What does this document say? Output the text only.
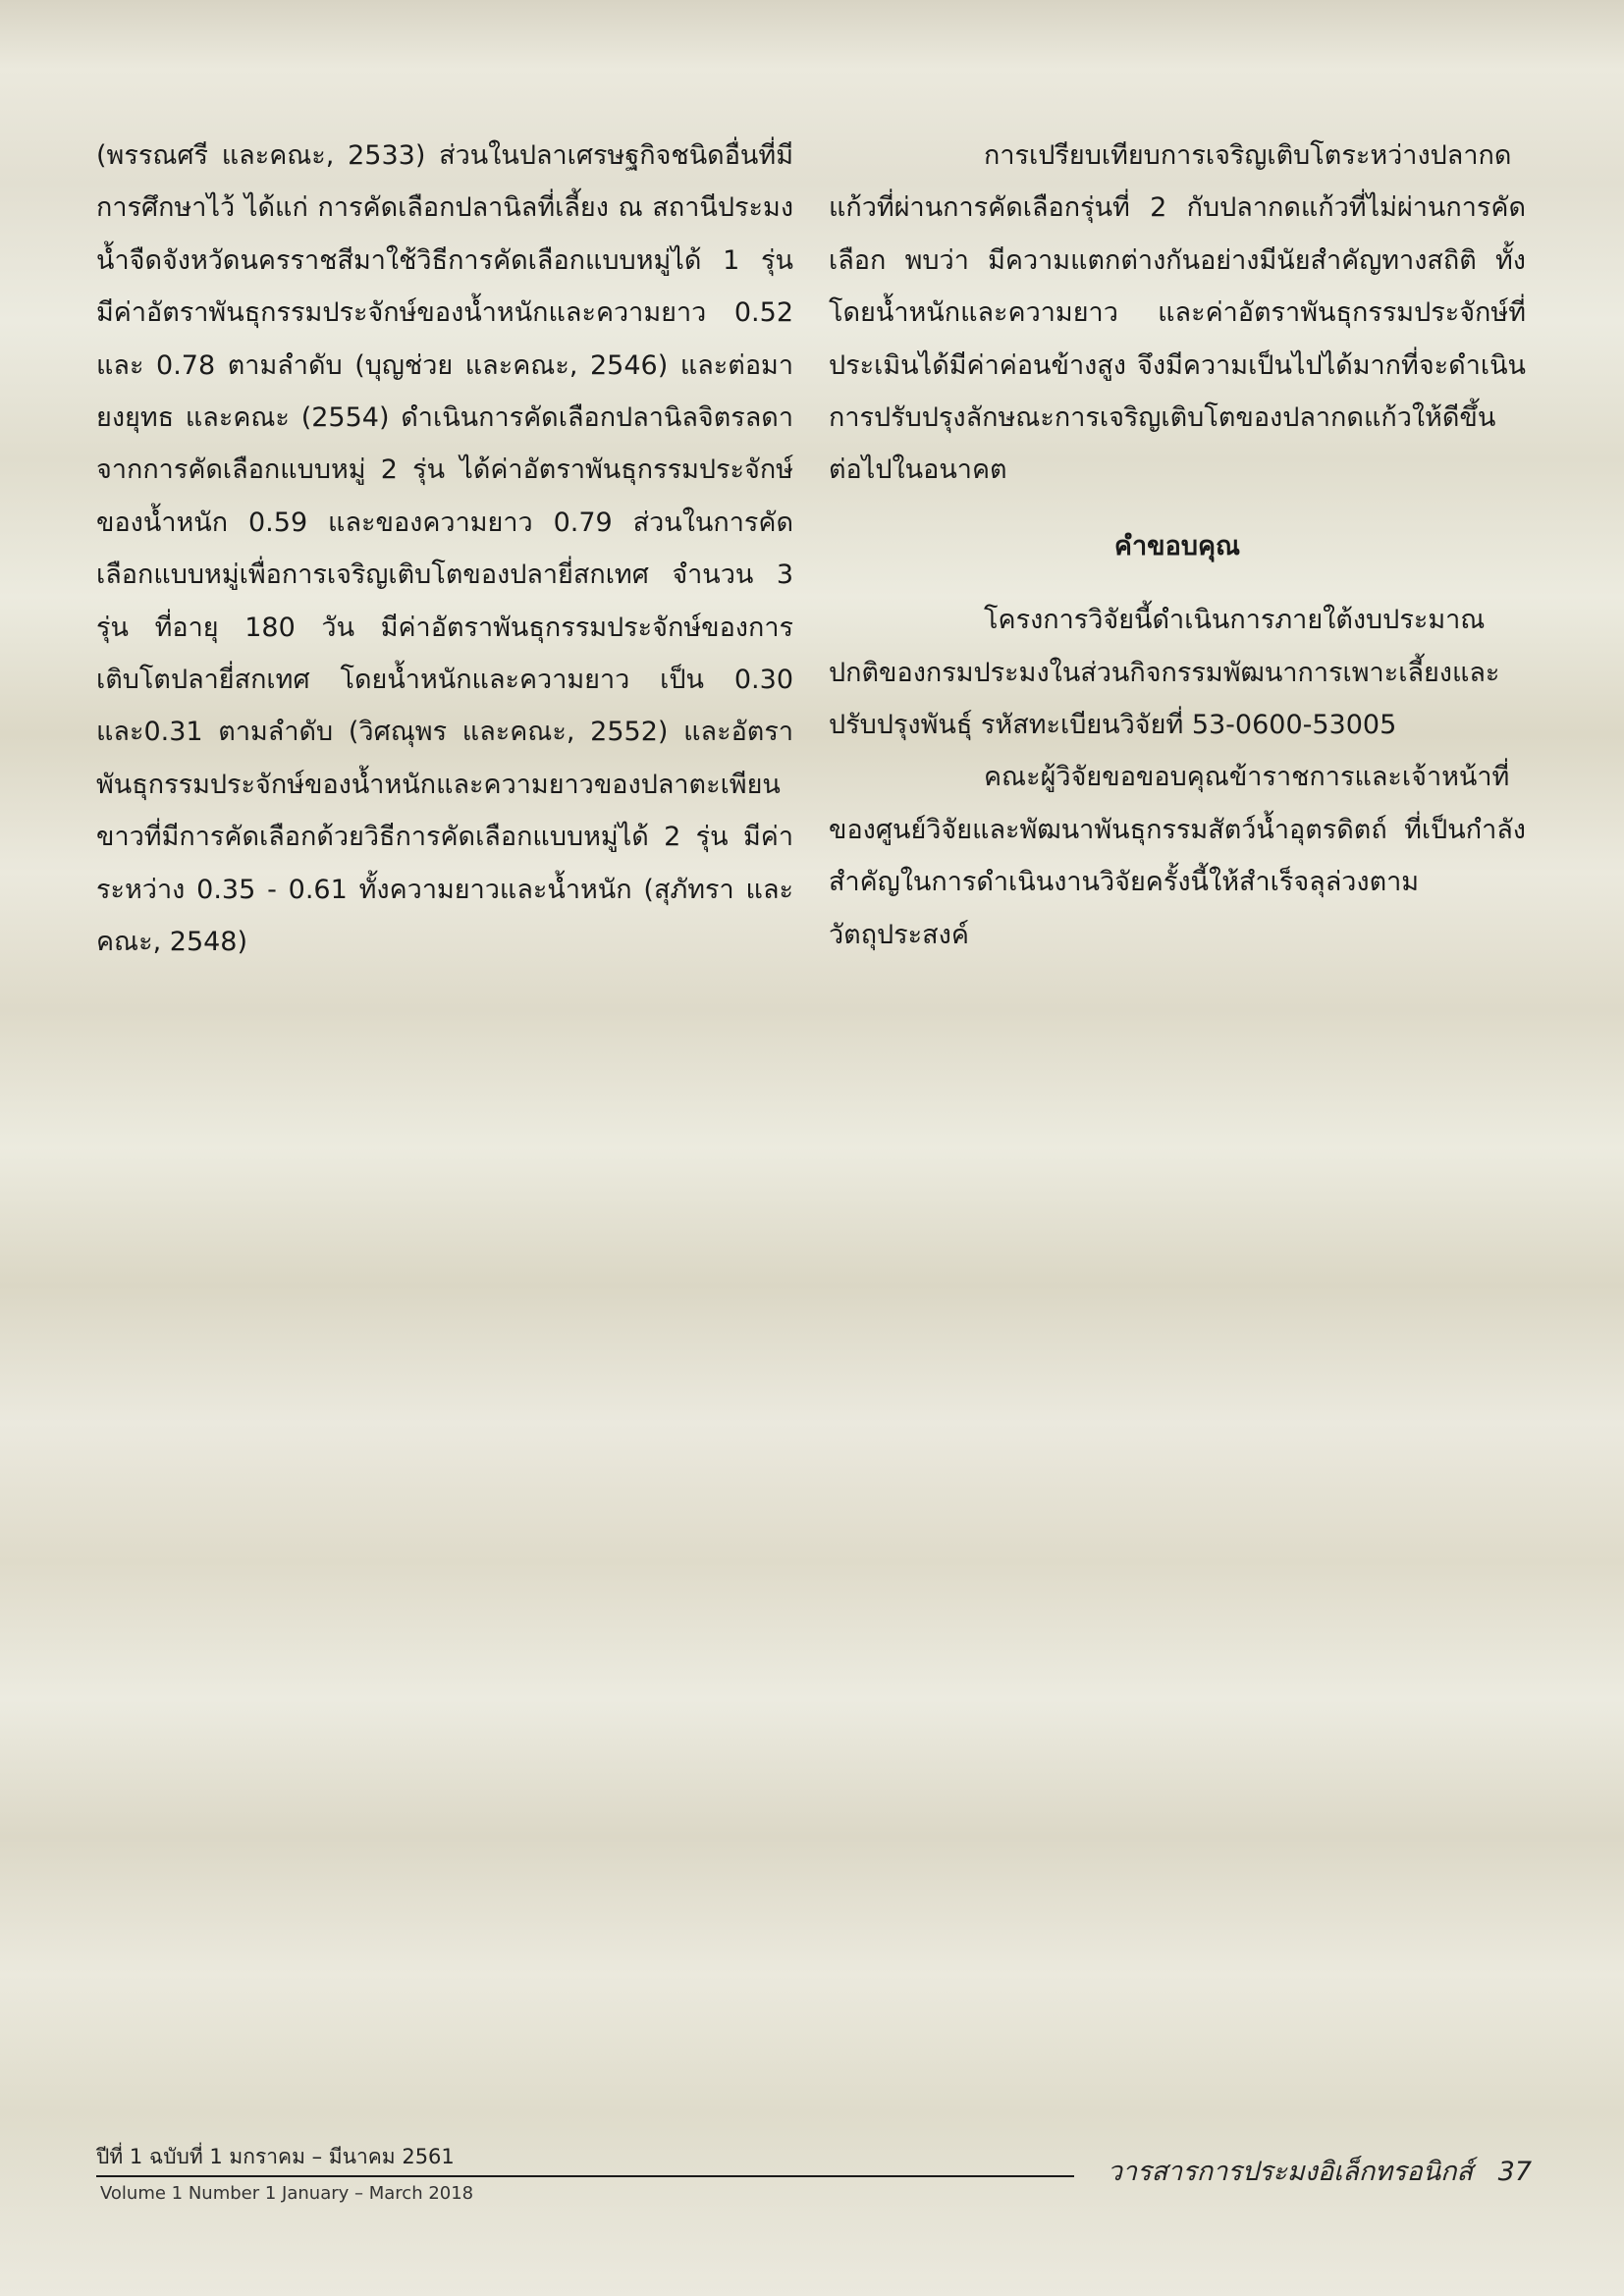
(พรรณศรี และคณะ, 2533) ส่วนในปลาเศรษฐกิจชนิดอื่นที่มีการศึกษาไว้ ได้แก่ การคัดเลือกปลานิลที่เลี้ยง ณ สถานีประมงน้ำจืดจังหวัดนครราชสีมาใช้วิธีการคัดเลือกแบบหมู่ได้ 1 รุ่น มีค่าอัตราพันธุกรรมประจักษ์ของน้ำหนักและความยาว 0.52 และ 0.78 ตามลำดับ (บุญช่วย และคณะ, 2546) และต่อมายงยุทธ และคณะ (2554) ดำเนินการคัดเลือกปลานิลจิตรลดาจากการคัดเลือกแบบหมู่ 2 รุ่น ได้ค่าอัตราพันธุกรรมประจักษ์ของน้ำหนัก 0.59 และของความยาว 0.79 ส่วนในการคัดเลือกแบบหมู่เพื่อการเจริญเติบโตของปลายี่สกเทศ จำนวน 3 รุ่น ที่อายุ 180 วัน มีค่าอัตราพันธุกรรมประจักษ์ของการเติบโตปลายี่สกเทศ โดยน้ำหนักและความยาว เป็น 0.30 และ0.31 ตามลำดับ (วิศณุพร และคณะ, 2552) และอัตราพันธุกรรมประจักษ์ของน้ำหนักและความยาวของปลาตะเพียนขาวที่มีการคัดเลือกด้วยวิธีการคัดเลือกแบบหมู่ได้ 2 รุ่น มีค่าระหว่าง 0.35 - 0.61 ทั้งความยาวและน้ำหนัก (สุภัทรา และคณะ, 2548)

การเปรียบเทียบการเจริญเติบโตระหว่างปลากดแก้วที่ผ่านการคัดเลือกรุ่นที่ 2 กับปลากดแก้วที่ไม่ผ่านการคัดเลือก พบว่า มีความแตกต่างกันอย่างมีนัยสำคัญทางสถิติ ทั้งโดยน้ำหนักและความยาว และค่าอัตราพันธุกรรมประจักษ์ที่ประเมินได้มีค่าค่อนข้างสูง จึงมีความเป็นไปได้มากที่จะดำเนินการปรับปรุงลักษณะการเจริญเติบโตของปลากดแก้วให้ดีขึ้นต่อไปในอนาคต

คำขอบคุณ

โครงการวิจัยนี้ดำเนินการภายใต้งบประมาณปกติของกรมประมงในส่วนกิจกรรมพัฒนาการเพาะเลี้ยงและปรับปรุงพันธุ์ รหัสทะเบียนวิจัยที่ 53-0600-53005

คณะผู้วิจัยขอขอบคุณข้าราชการและเจ้าหน้าที่ของศูนย์วิจัยและพัฒนาพันธุกรรมสัตว์น้ำอุตรดิตถ์ ที่เป็นกำลังสำคัญในการดำเนินงานวิจัยครั้งนี้ให้สำเร็จลุล่วงตามวัตถุประสงค์

ปีที่ 1 ฉบับที่ 1 มกราคม – มีนาคม 2561
Volume 1 Number 1 January – March 2018
วารสารการประมงอิเล็กทรอนิกส์ 37
